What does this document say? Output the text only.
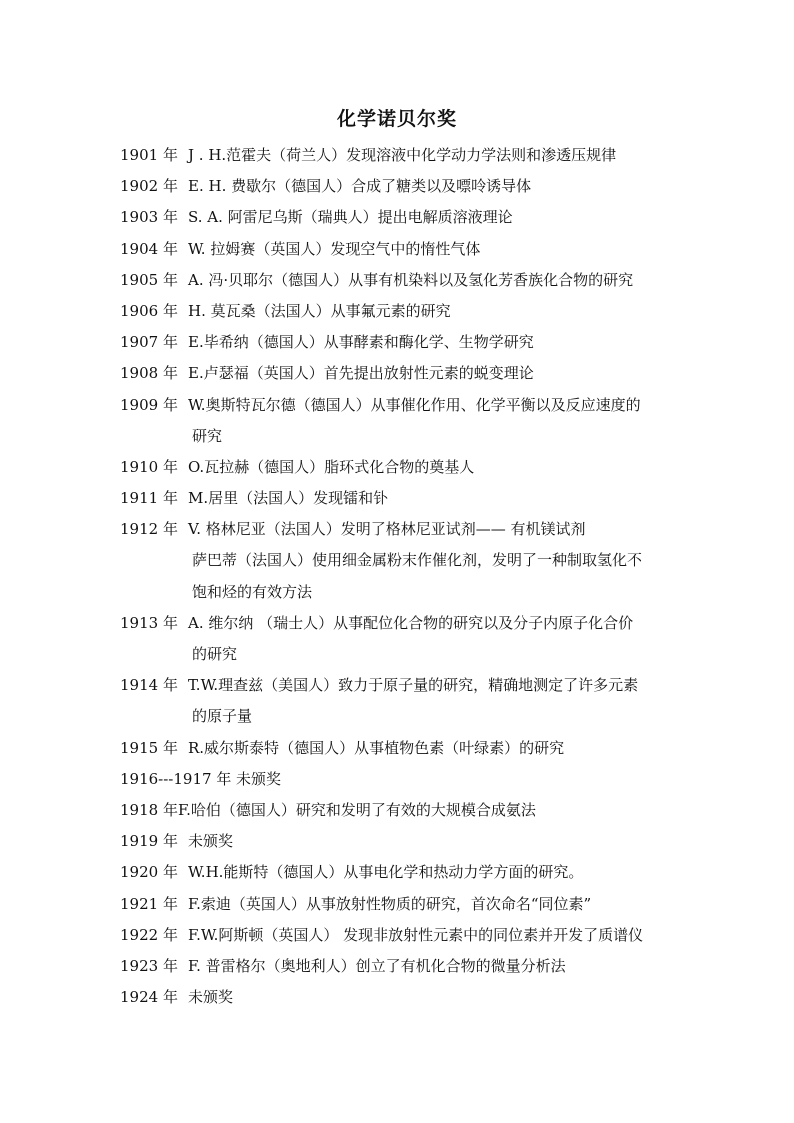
化学诺贝尔奖
1901 年 J . H.范霍夫（荷兰人）发现溶液中化学动力学法则和渗透压规律
1902 年 E. H. 费歇尔（德国人）合成了糖类以及嘌呤诱导体
1903 年 S. A. 阿雷尼乌斯（瑞典人）提出电解质溶液理论
1904 年 W. 拉姆赛（英国人）发现空气中的惰性气体
1905 年 A. 冯·贝耶尔（德国人）从事有机染料以及氢化芳香族化合物的研究
1906 年 H. 莫瓦桑（法国人）从事氟元素的研究
1907 年 E.毕希纳（德国人）从事酵素和酶化学、生物学研究
1908 年 E.卢瑟福（英国人）首先提出放射性元素的蜕变理论
1909 年 W.奥斯特瓦尔德（德国人）从事催化作用、化学平衡以及反应速度的
研究
1910 年 O.瓦拉赫（德国人）脂环式化合物的奠基人
1911 年 M.居里（法国人）发现镭和钋
1912 年 V. 格林尼亚（法国人）发明了格林尼亚试剂—— 有机镁试剂
萨巴蒂（法国人）使用细金属粉末作催化剂，发明了一种制取氢化不
饱和烃的有效方法
1913 年 A. 维尔纳 （瑞士人）从事配位化合物的研究以及分子内原子化合价
的研究
1914 年 T.W.理查兹（美国人）致力于原子量的研究，精确地测定了许多元素
的原子量
1915 年 R.威尔斯泰特（德国人）从事植物色素（叶绿素）的研究
1916---1917 年 未颁奖
1918 年 F.哈伯（德国人）研究和发明了有效的大规模合成氨法
1919 年 未颁奖
1920 年 W.H.能斯特（德国人）从事电化学和热动力学方面的研究。
1921 年 F.索迪（英国人）从事放射性物质的研究，首次命名“同位素”
1922 年 F.W.阿斯顿（英国人） 发现非放射性元素中的同位素并开发了质谱仪
1923 年 F. 普雷格尔（奥地利人）创立了有机化合物的微量分析法
1924 年 未颁奖
